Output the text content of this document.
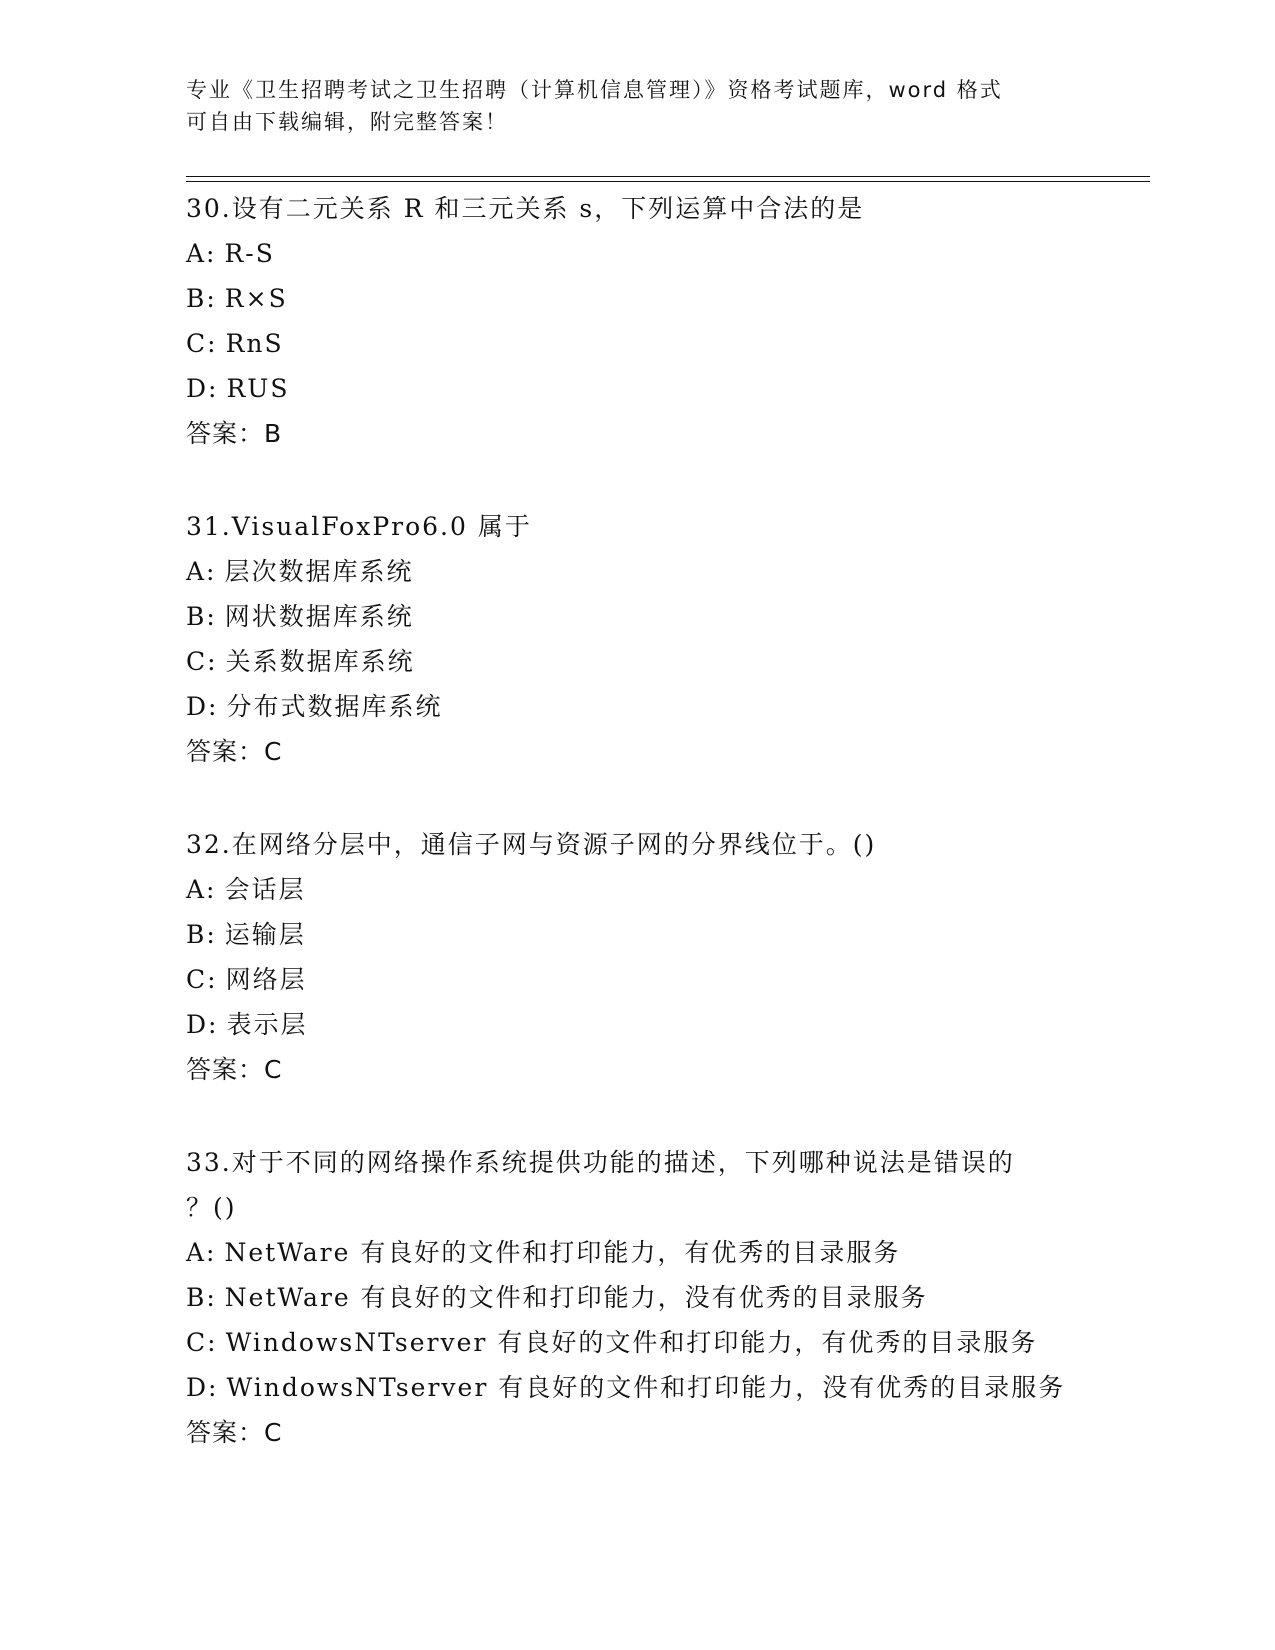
专业《卫生招聘考试之卫生招聘（计算机信息管理）》资格考试题库，word 格式
可自由下载编辑，附完整答案！
30.设有二元关系 R 和三元关系 s，下列运算中合法的是
A: R-S
B: R×S
C: RnS
D: RUS
答案：B
31.VisualFoxPro6.0 属于
A: 层次数据库系统
B: 网状数据库系统
C: 关系数据库系统
D: 分布式数据库系统
答案：C
32.在网络分层中，通信子网与资源子网的分界线位于。()
A: 会话层
B: 运输层
C: 网络层
D: 表示层
答案：C
33.对于不同的网络操作系统提供功能的描述，下列哪种说法是错误的
？()
A: NetWare 有良好的文件和打印能力，有优秀的目录服务
B: NetWare 有良好的文件和打印能力，没有优秀的目录服务
C: WindowsNTserver 有良好的文件和打印能力，有优秀的目录服务
D: WindowsNTserver 有良好的文件和打印能力，没有优秀的目录服务
答案：C
